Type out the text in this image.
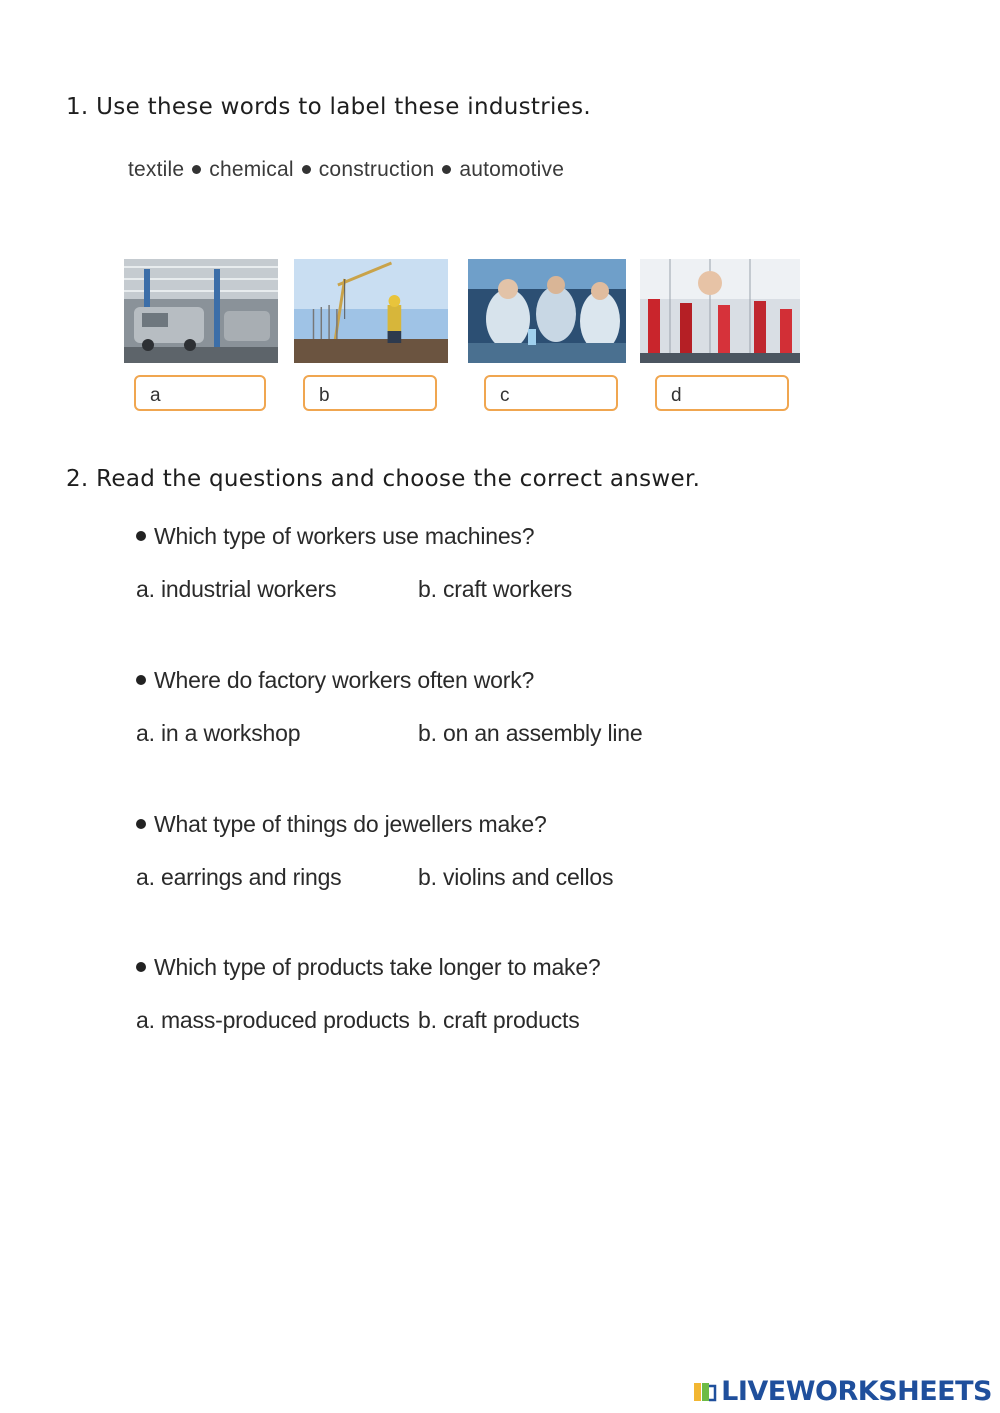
1. Use these words to label these industries.
textile chemical construction automotive
a	b	c	d
2. Read the questions and choose the correct answer.
Which type of workers use machines?
a. industrial workers	b. craft workers
Where do factory workers often work?
a. in a workshop	b. on an assembly line
What type of things do jewellers make?
a. earrings and rings	b. violins and cellos
Which type of products take longer to make?
a. mass-produced products b. craft products
LIVEWORKSHEETS
